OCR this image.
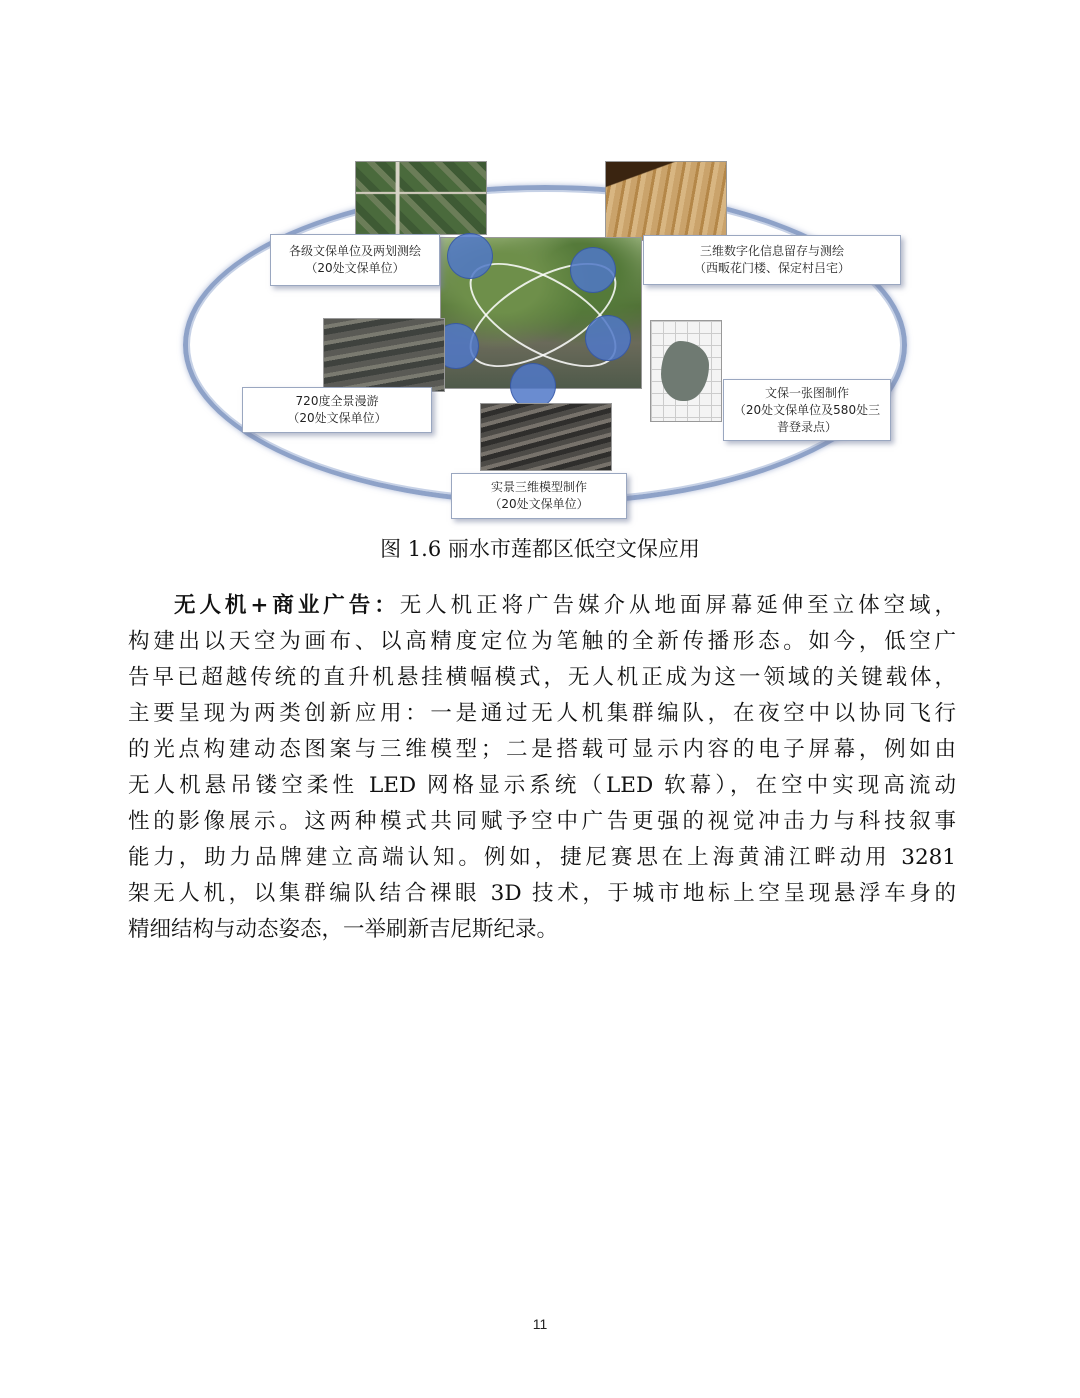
各级文保单位及两划测绘
（20处文保单位）
三维数字化信息留存与测绘
（西畈花门楼、保定村吕宅）
720度全景漫游
（20处文保单位）
文保一张图制作
（20处文保单位及580处三
普登录点）
实景三维模型制作
（20处文保单位）
图 1.6 丽水市莲都区低空文保应用
无人机+商业广告：无人机正将广告媒介从地面屏幕延伸至立体空域，
构建出以天空为画布、以高精度定位为笔触的全新传播形态。如今，低空广
告早已超越传统的直升机悬挂横幅模式，无人机正成为这一领域的关键载体，
主要呈现为两类创新应用：一是通过无人机集群编队，在夜空中以协同飞行
的光点构建动态图案与三维模型；二是搭载可显示内容的电子屏幕，例如由
无人机悬吊镂空柔性 LED 网格显示系统（LED 软幕），在空中实现高流动
性的影像展示。这两种模式共同赋予空中广告更强的视觉冲击力与科技叙事
能力，助力品牌建立高端认知。例如，捷尼赛思在上海黄浦江畔动用 3281
架无人机，以集群编队结合裸眼 3D 技术，于城市地标上空呈现悬浮车身的
精细结构与动态姿态，一举刷新吉尼斯纪录。
11
